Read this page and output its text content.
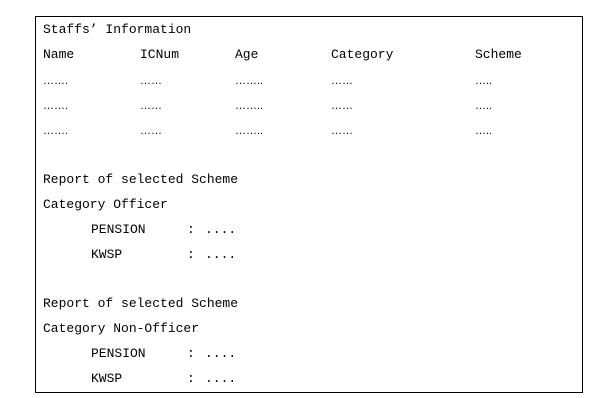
Staffs’ Information
Name	ICNum	Age	Category	Scheme
…….	……	……..	……	…..
…….	……	……..	……	…..
…….	……	……..	……	…..
Report of selected Scheme
Category Officer
PENSION	: ....
KWSP	: ....
Report of selected Scheme
Category Non-Officer
PENSION	: ....
KWSP	: ....
